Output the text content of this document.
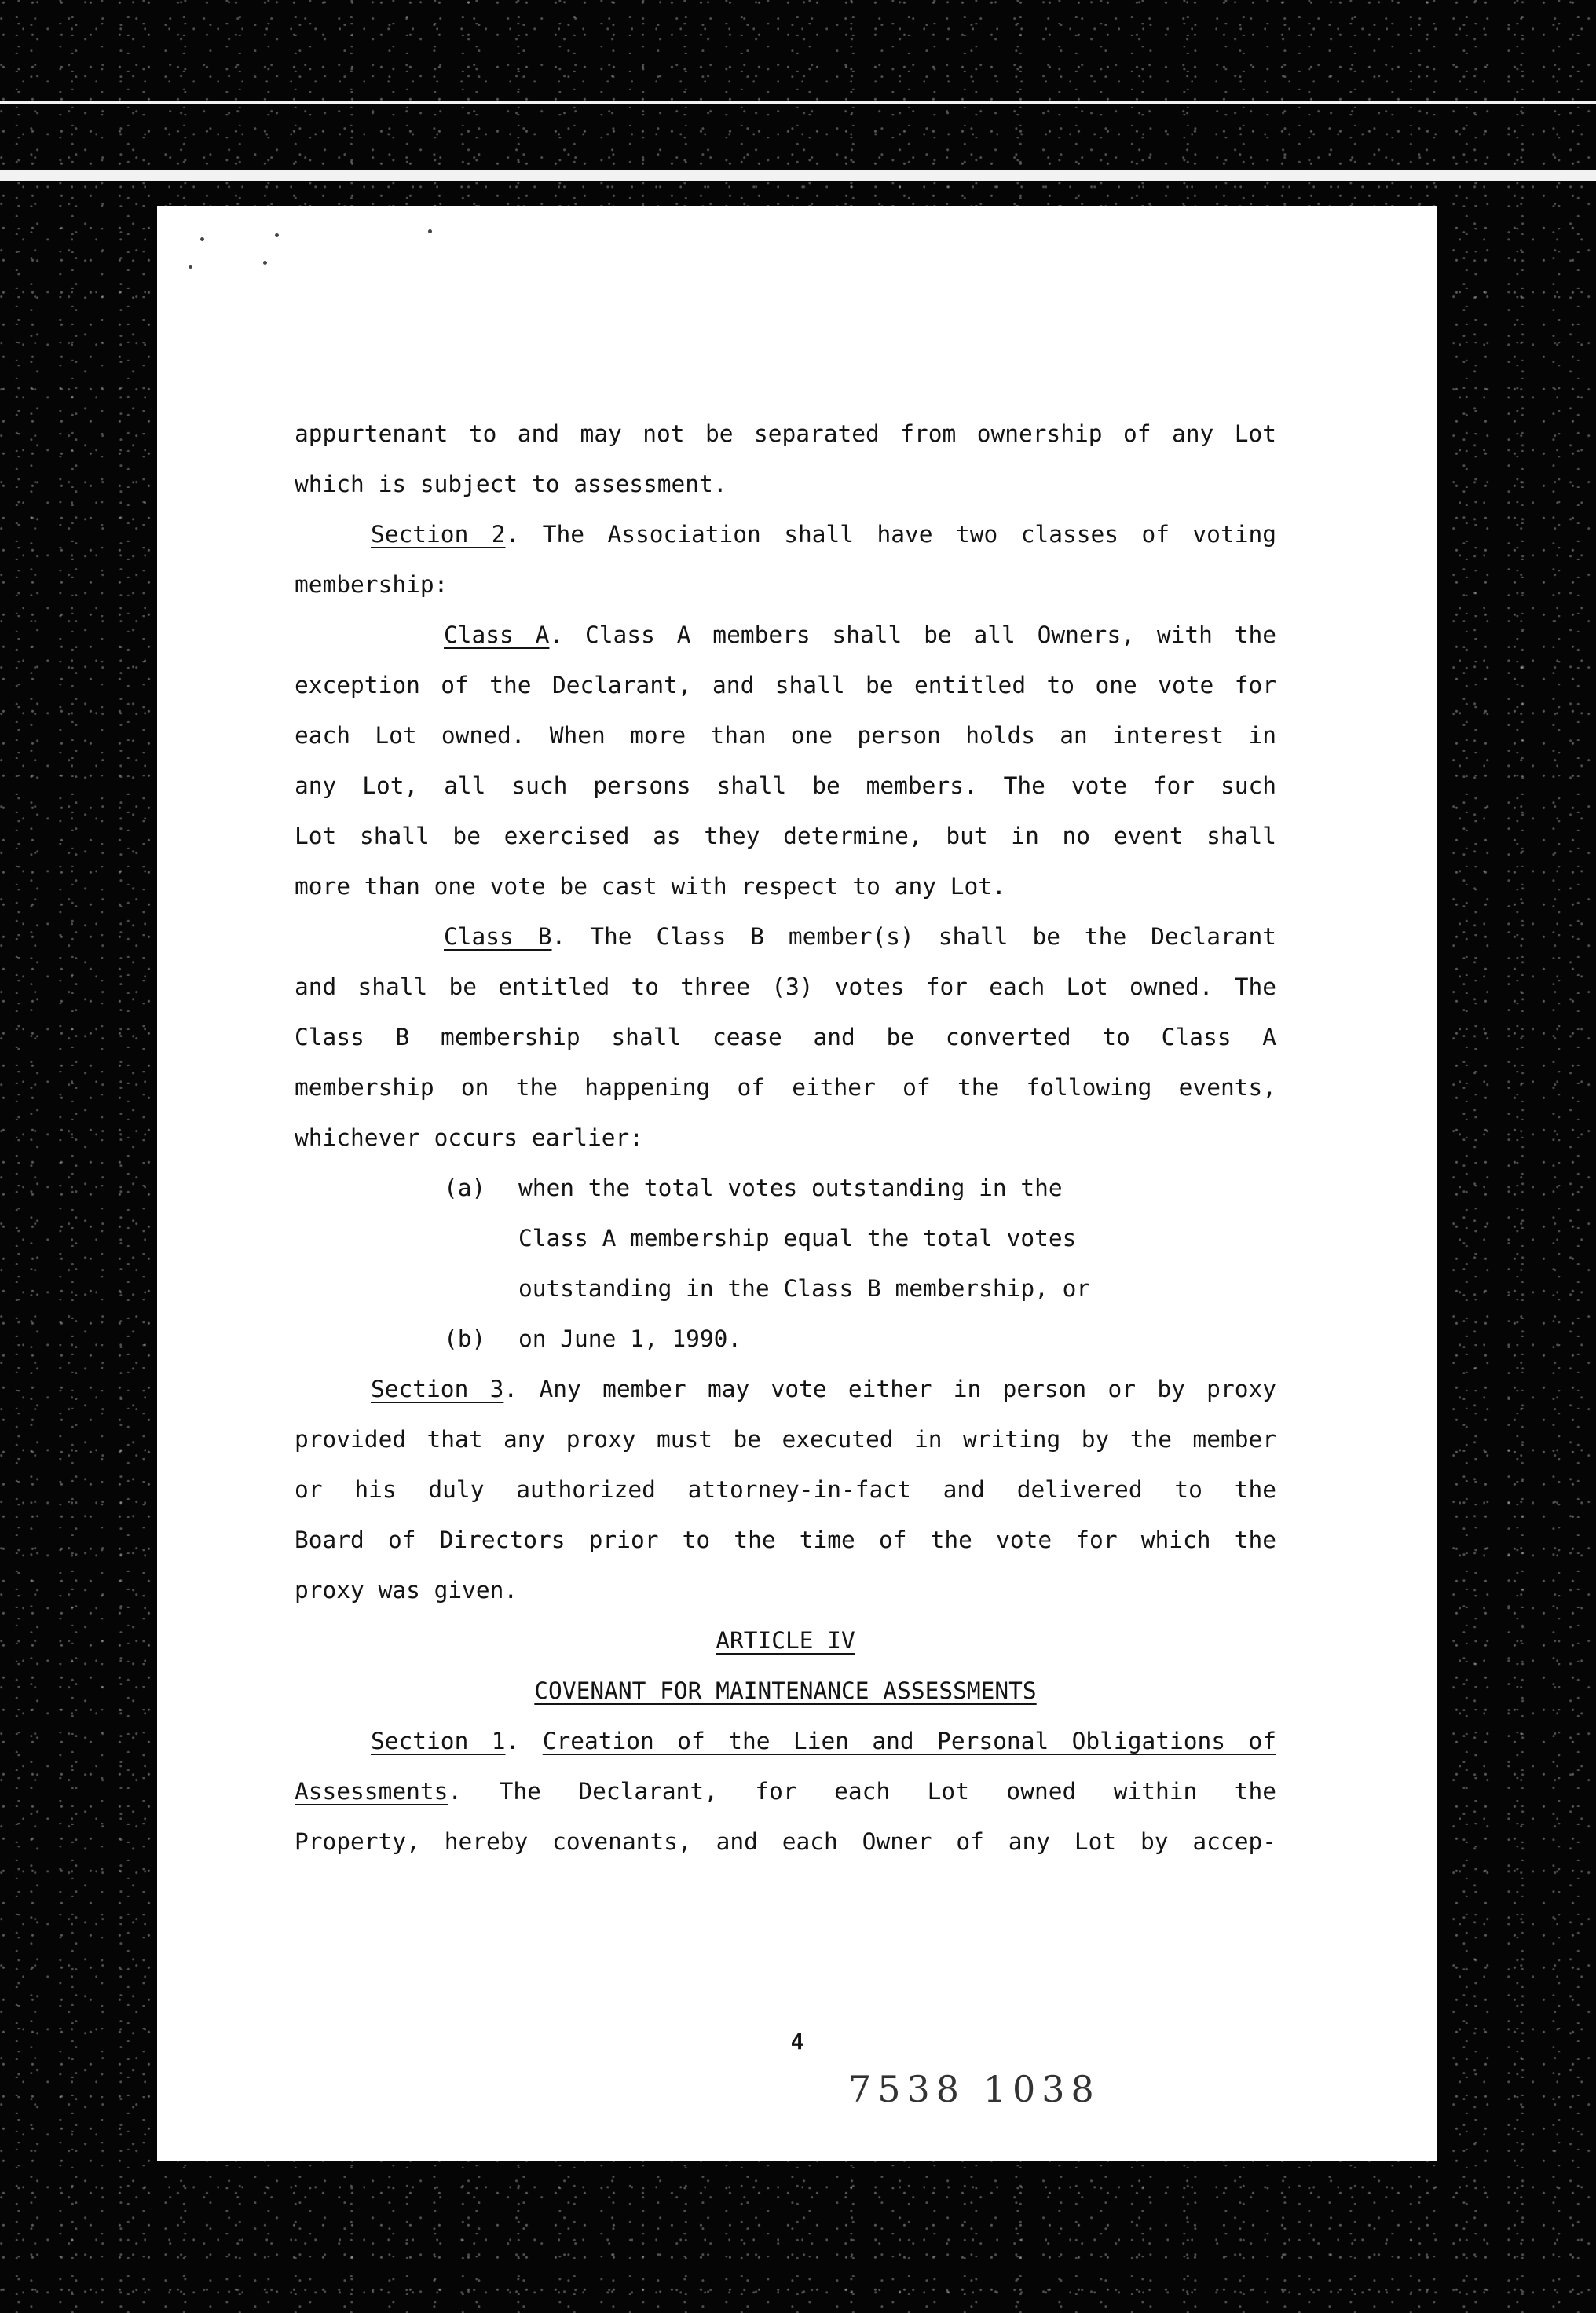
appurtenant to and may not be separated from ownership of any Lot

which is subject to assessment.

Section 2. The Association shall have two classes of voting

membership:

Class A. Class A members shall be all Owners, with the

exception of the Declarant, and shall be entitled to one vote for

each Lot owned. When more than one person holds an interest in

any Lot, all such persons shall be members. The vote for such

Lot shall be exercised as they determine, but in no event shall

more than one vote be cast with respect to any Lot.

Class B. The Class B member(s) shall be the Declarant

and shall be entitled to three (3) votes for each Lot owned. The

Class B membership shall cease and be converted to Class A

membership on the happening of either of the following events,

whichever occurs earlier:

(a) when the total votes outstanding in the

Class A membership equal the total votes

outstanding in the Class B membership, or

(b) on June 1, 1990.

Section 3. Any member may vote either in person or by proxy

provided that any proxy must be executed in writing by the member

or his duly authorized attorney-in-fact and delivered to the

Board of Directors prior to the time of the vote for which the

proxy was given.

ARTICLE IV

COVENANT FOR MAINTENANCE ASSESSMENTS

Section 1. Creation of the Lien and Personal Obligations of

Assessments. The Declarant, for each Lot owned within the

Property, hereby covenants, and each Owner of any Lot by accep-

4
7538 1038
